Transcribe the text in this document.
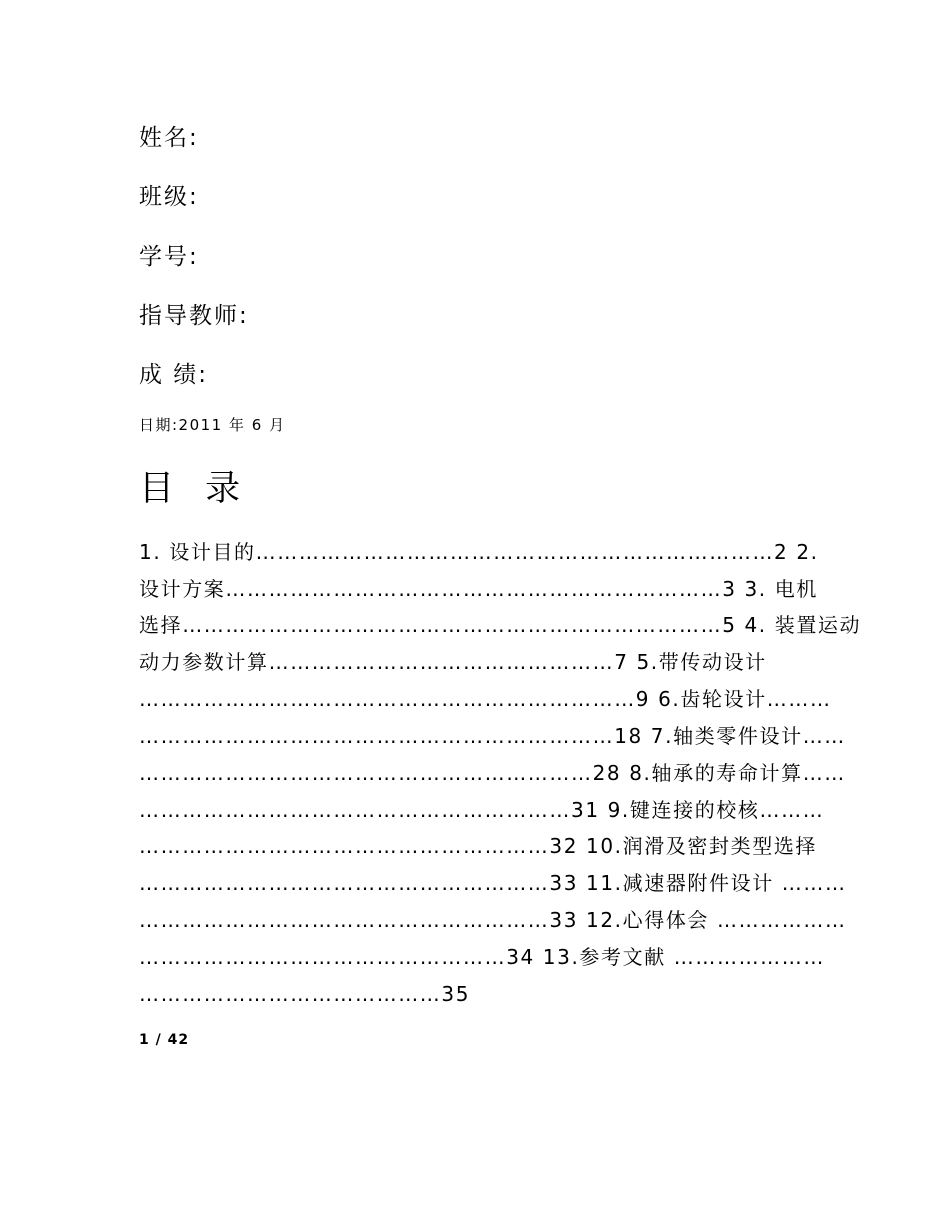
姓名:
班级:
学号:
指导教师:
成 绩:
日期:2011 年 6 月
目 录
1. 设计目的………………………………………………………………2 2.
设计方案……………………………………………………………3 3. 电机
选择…………………………………………………………………5 4. 装置运动
动力参数计算…………………………………………7 5.带传动设计
……………………………………………………………9 6.齿轮设计………
…………………………………………………………18 7.轴类零件设计……
………………………………………………………28 8.轴承的寿命计算……
……………………………………………………31 9.键连接的校核………
…………………………………………………32 10.润滑及密封类型选择
…………………………………………………33 11.减速器附件设计 ………
…………………………………………………33 12.心得体会 ………………
……………………………………………34 13.参考文献 …………………
……………………………………35
1 / 42
